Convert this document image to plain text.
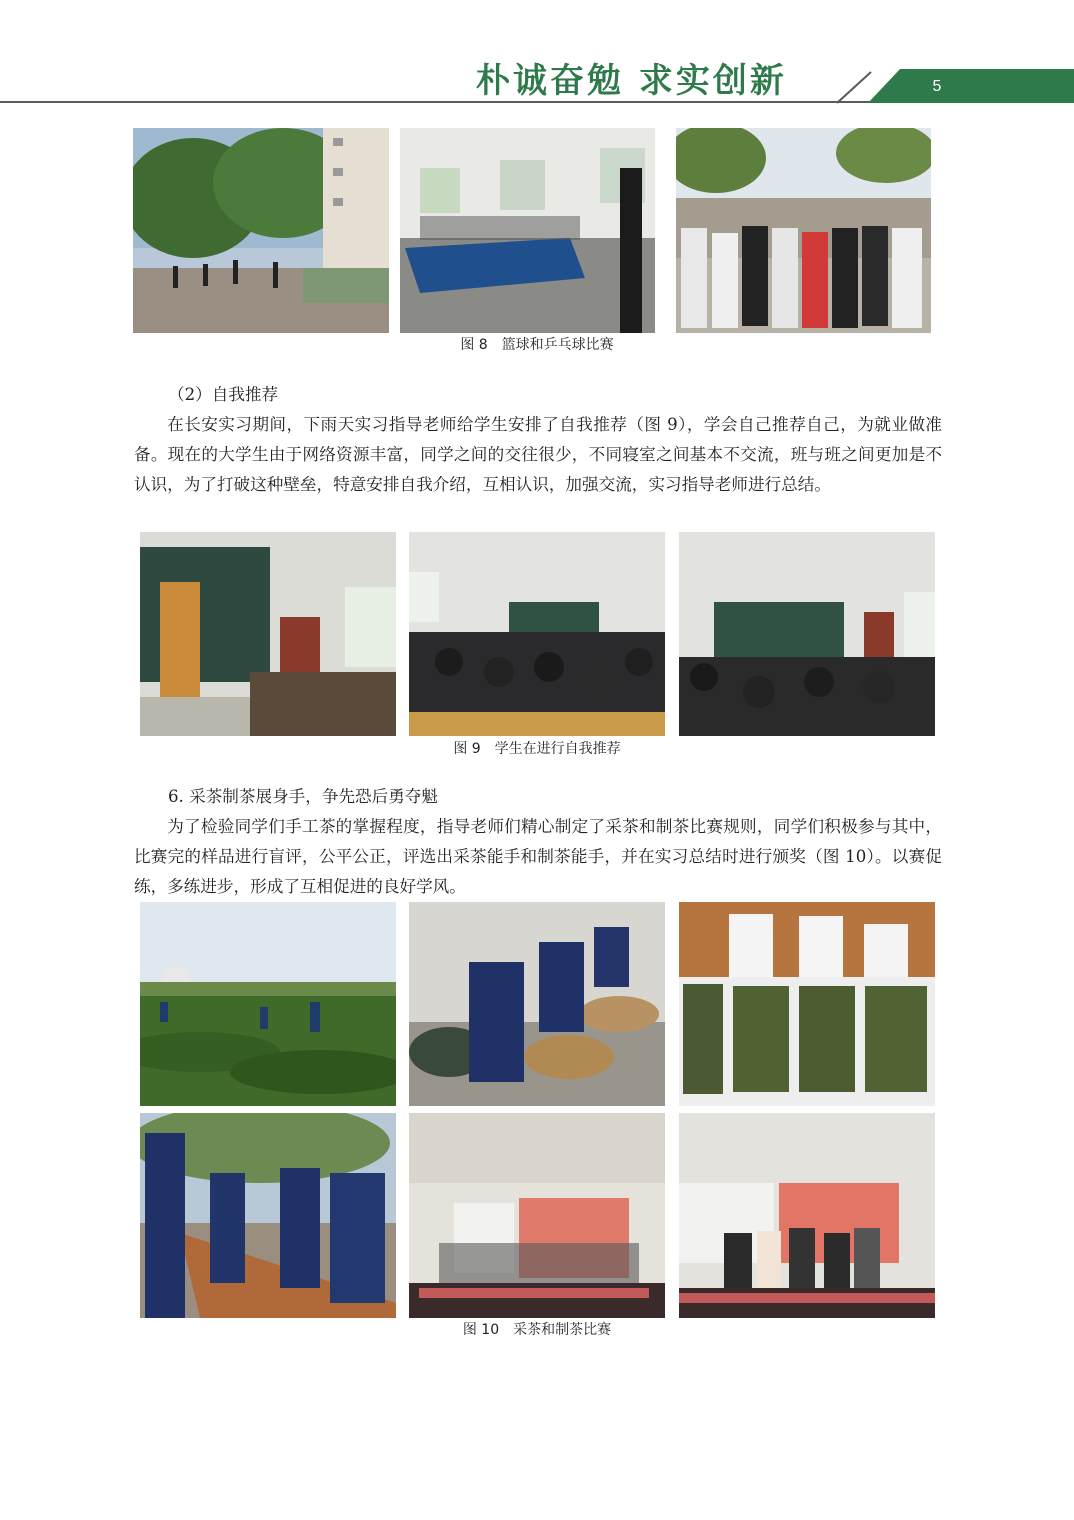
朴诚奋勉 求实创新	5
图 8　篮球和乒乓球比赛
（2）自我推荐

在长安实习期间，下雨天实习指导老师给学生安排了自我推荐（图 9），学会自己推荐自己，为就业做准备。现在的大学生由于网络资源丰富，同学之间的交往很少，不同寝室之间基本不交流，班与班之间更加是不认识，为了打破这种壁垒，特意安排自我介绍，互相认识，加强交流，实习指导老师进行总结。

图 9　学生在进行自我推荐
6. 采茶制茶展身手，争先恐后勇夺魁

为了检验同学们手工茶的掌握程度，指导老师们精心制定了采茶和制茶比赛规则，同学们积极参与其中，比赛完的样品进行盲评，公平公正，评选出采茶能手和制茶能手，并在实习总结时进行颁奖（图 10）。以赛促练，多练进步，形成了互相促进的良好学风。

图 10　采茶和制茶比赛
